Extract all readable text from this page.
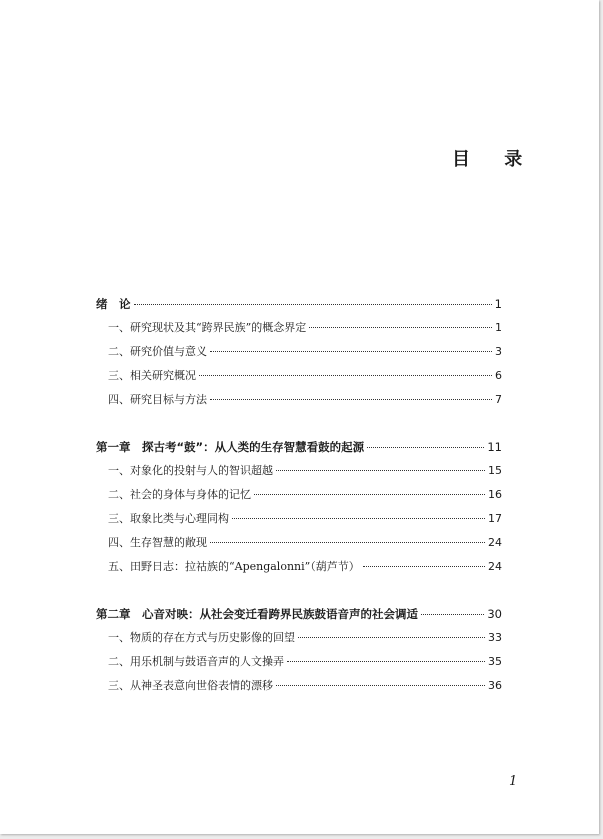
目 录
绪　论	1
一、研究现状及其“跨界民族”的概念界定	1
二、研究价值与意义	3
三、相关研究概况	6
四、研究目标与方法	7
第一章　探古考“鼓”：从人类的生存智慧看鼓的起源	11
一、对象化的投射与人的智识超越	15
二、社会的身体与身体的记忆	16
三、取象比类与心理同构	17
四、生存智慧的敞现	24
五、田野日志：拉祜族的“Apengalonni”（葫芦节）	24
第二章　心音对映：从社会变迁看跨界民族鼓语音声的社会调适	30
一、物质的存在方式与历史影像的回望	33
二、用乐机制与鼓语音声的人文操弄	35
三、从神圣表意向世俗表情的漂移	36
1
